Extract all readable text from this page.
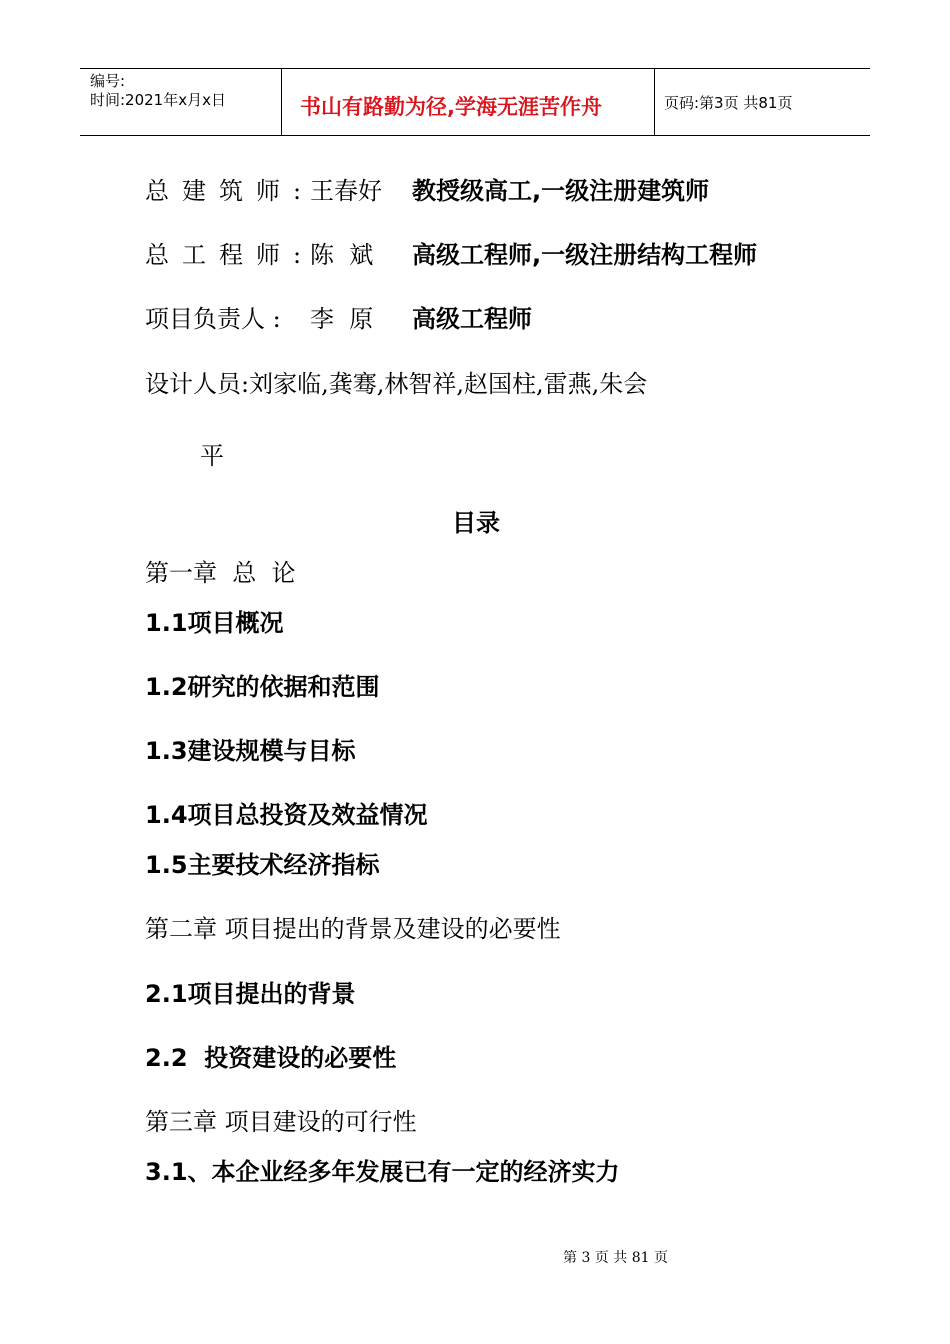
编号:
时间:2021年x月x日	书山有路勤为径,学海无涯苦作舟	页码:第3页 共81页
总建筑师:
王春好 教授级高工,一级注册建筑师
总工程师:
陈  斌 高级工程师,一级注册结构工程师
项目负责人 : 李  原 高级工程师
设计人员:刘家临,龚骞,林智祥,赵国柱,雷燕,朱会
平
目录
第一章  总  论
1.1项目概况
1.2研究的依据和范围
1.3建设规模与目标
1.4项目总投资及效益情况
1.5主要技术经济指标
第二章 项目提出的背景及建设的必要性
2.1项目提出的背景
2.2  投资建设的必要性
第三章 项目建设的可行性
3.1、本企业经多年发展已有一定的经济实力
第 3 页 共 81 页
